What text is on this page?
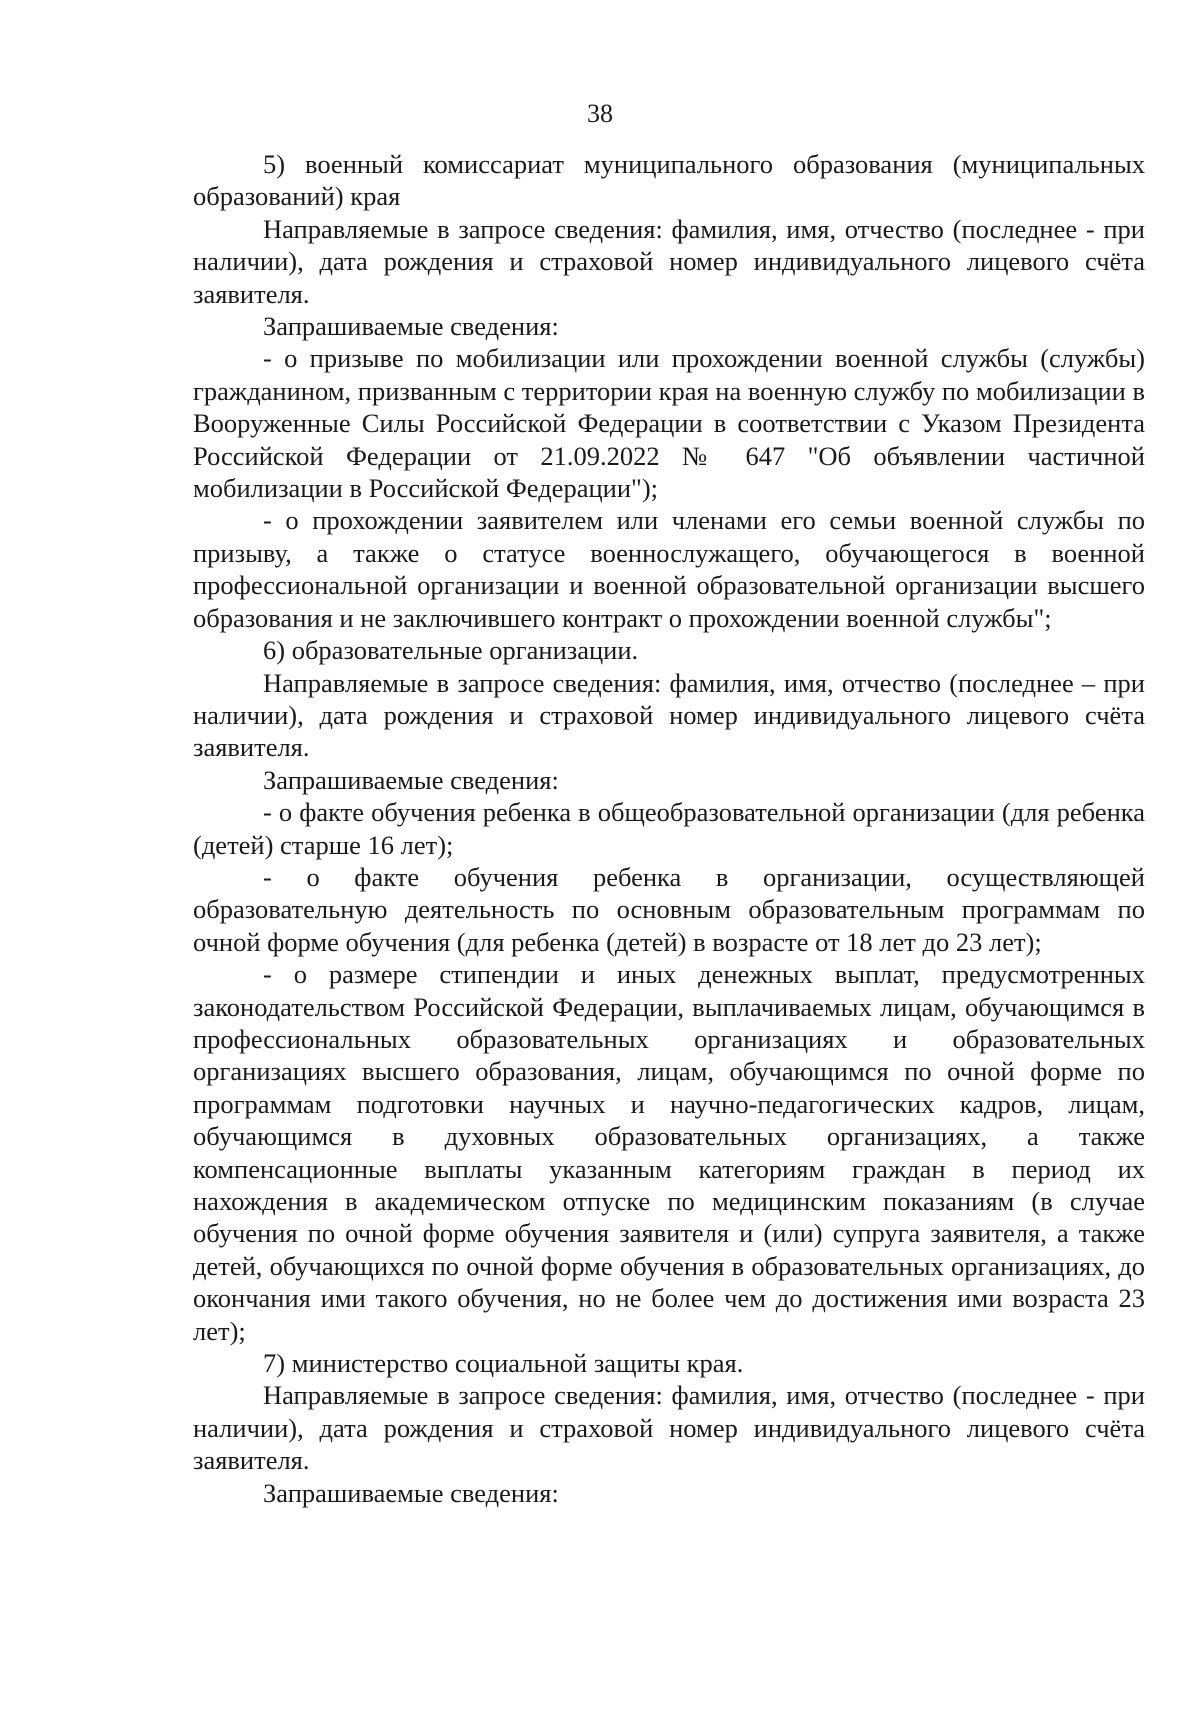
38

5) военный комиссариат муниципального образования (муниципальных образований) края

Направляемые в запросе сведения: фамилия, имя, отчество (последнее - при наличии), дата рождения и страховой номер индивидуального лицевого счёта заявителя.

Запрашиваемые сведения:

- о призыве по мобилизации или прохождении военной службы (службы) гражданином, призванным с территории края на военную службу по мобилизации в Вооруженные Силы Российской Федерации в соответствии с Указом Президента Российской Федерации от 21.09.2022 № 647 "Об объявлении частичной мобилизации в Российской Федерации");

- о прохождении заявителем или членами его семьи военной службы по призыву, а также о статусе военнослужащего, обучающегося в военной профессиональной организации и военной образовательной организации высшего образования и не заключившего контракт о прохождении военной службы";

6) образовательные организации.

Направляемые в запросе сведения: фамилия, имя, отчество (последнее – при наличии), дата рождения и страховой номер индивидуального лицевого счёта заявителя.

Запрашиваемые сведения:

- о факте обучения ребенка в общеобразовательной организации (для ребенка (детей) старше 16 лет);

- о факте обучения ребенка в организации, осуществляющей образовательную деятельность по основным образовательным программам по очной форме обучения (для ребенка (детей) в возрасте от 18 лет до 23 лет);

- о размере стипендии и иных денежных выплат, предусмотренных законодательством Российской Федерации, выплачиваемых лицам, обучающимся в профессиональных образовательных организациях и образовательных организациях высшего образования, лицам, обучающимся по очной форме по программам подготовки научных и научно-педагогических кадров, лицам, обучающимся в духовных образовательных организациях, а также компенсационные выплаты указанным категориям граждан в период их нахождения в академическом отпуске по медицинским показаниям (в случае обучения по очной форме обучения заявителя и (или) супруга заявителя, а также детей, обучающихся по очной форме обучения в образовательных организациях, до окончания ими такого обучения, но не более чем до достижения ими возраста 23 лет);

7) министерство социальной защиты края.

Направляемые в запросе сведения: фамилия, имя, отчество (последнее - при наличии), дата рождения и страховой номер индивидуального лицевого счёта заявителя.

Запрашиваемые сведения:
